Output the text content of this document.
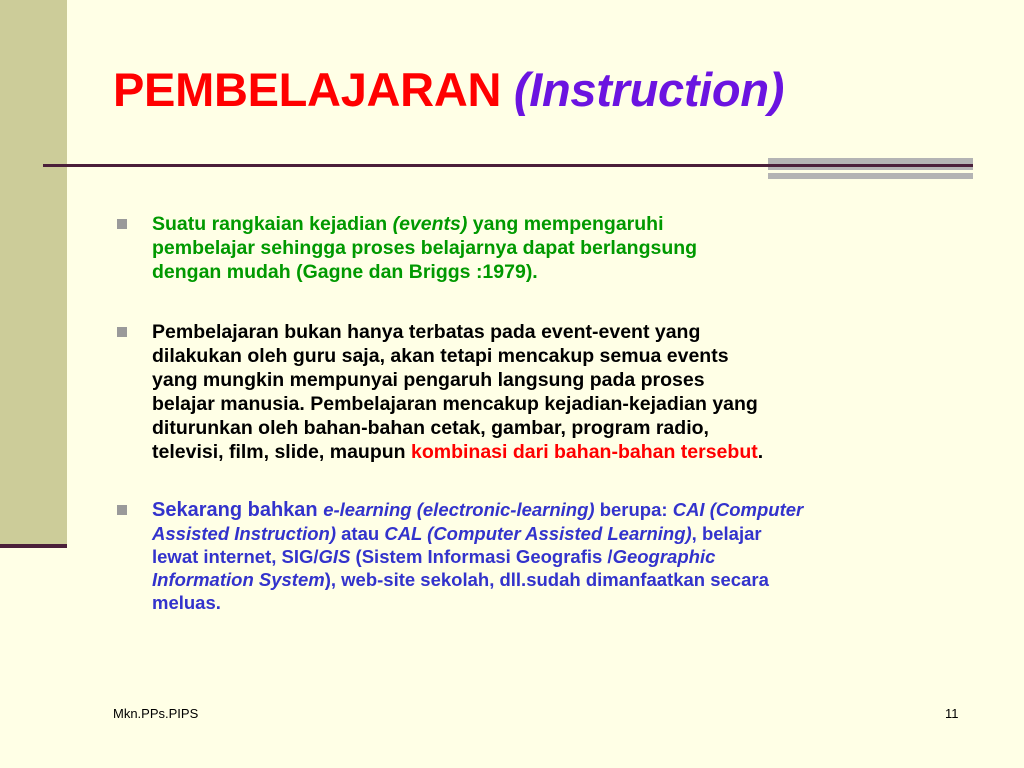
PEMBELAJARAN (Instruction)
Suatu rangkaian kejadian (events) yang mempengaruhi
pembelajar sehingga proses belajarnya dapat berlangsung
dengan mudah (Gagne dan Briggs :1979).
Pembelajaran bukan hanya terbatas pada event-event yang
dilakukan oleh guru saja, akan tetapi mencakup semua events
yang mungkin mempunyai pengaruh langsung pada proses
belajar manusia. Pembelajaran mencakup kejadian-kejadian yang
diturunkan oleh bahan-bahan cetak, gambar, program radio,
televisi, film, slide, maupun kombinasi dari bahan-bahan tersebut.
Sekarang bahkan e-learning (electronic-learning) berupa: CAI (Computer
Assisted Instruction) atau CAL (Computer Assisted Learning), belajar
lewat internet, SIG/GIS (Sistem Informasi Geografis /Geographic
Information System), web-site sekolah, dll.sudah dimanfaatkan secara
meluas.
Mkn.PPs.PIPS	11
